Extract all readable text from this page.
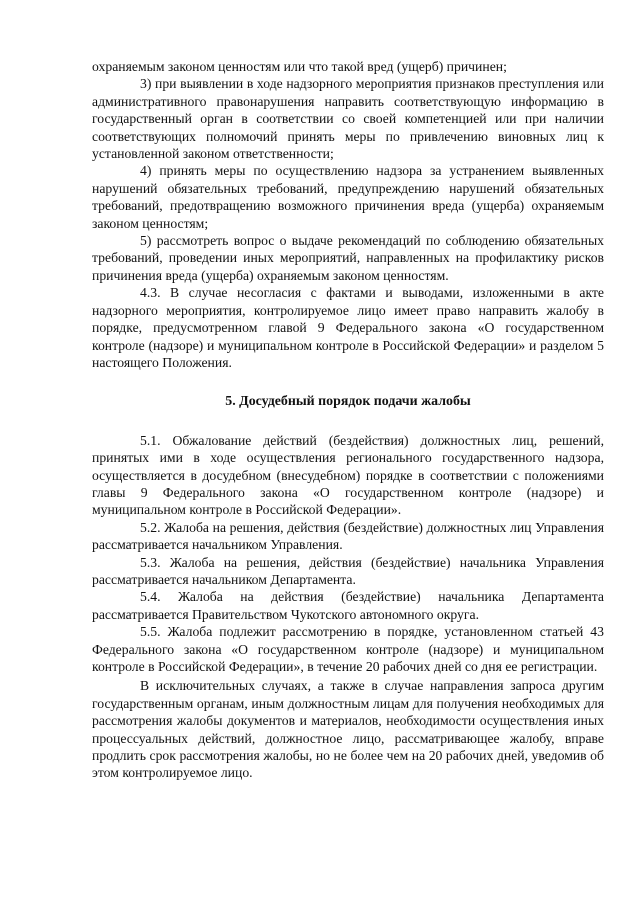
охраняемым законом ценностям или что такой вред (ущерб) причинен;

3) при выявлении в ходе надзорного мероприятия признаков преступления или административного правонарушения направить соответствующую информацию в государственный орган в соответствии со своей компетенцией или при наличии соответствующих полномочий принять меры по привлечению виновных лиц к установленной законом ответственности;

4) принять меры по осуществлению надзора за устранением выявленных нарушений обязательных требований, предупреждению нарушений обязательных требований, предотвращению возможного причинения вреда (ущерба) охраняемым законом ценностям;

5) рассмотреть вопрос о выдаче рекомендаций по соблюдению обязательных требований, проведении иных мероприятий, направленных на профилактику рисков причинения вреда (ущерба) охраняемым законом ценностям.

4.3. В случае несогласия с фактами и выводами, изложенными в акте надзорного мероприятия, контролируемое лицо имеет право направить жалобу в порядке, предусмотренном главой 9 Федерального закона «О государственном контроле (надзоре) и муниципальном контроле в Российской Федерации» и разделом 5 настоящего Положения.

5. Досудебный порядок подачи жалобы

5.1. Обжалование действий (бездействия) должностных лиц, решений, принятых ими в ходе осуществления регионального государственного надзора, осуществляется в досудебном (внесудебном) порядке в соответствии с положениями главы 9 Федерального закона «О государственном контроле (надзоре) и муниципальном контроле в Российской Федерации».

5.2. Жалоба на решения, действия (бездействие) должностных лиц Управления рассматривается начальником Управления.

5.3. Жалоба на решения, действия (бездействие) начальника Управления рассматривается начальником Департамента.

5.4. Жалоба на действия (бездействие) начальника Департамента рассматривается Правительством Чукотского автономного округа.

5.5. Жалоба подлежит рассмотрению в порядке, установленном статьей 43 Федерального закона «О государственном контроле (надзоре) и муниципальном контроле в Российской Федерации», в течение 20 рабочих дней со дня ее регистрации.

В исключительных случаях, а также в случае направления запроса другим государственным органам, иным должностным лицам для получения необходимых для рассмотрения жалобы документов и материалов, необходимости осуществления иных процессуальных действий, должностное лицо, рассматривающее жалобу, вправе продлить срок рассмотрения жалобы, но не более чем на 20 рабочих дней, уведомив об этом контролируемое лицо.
